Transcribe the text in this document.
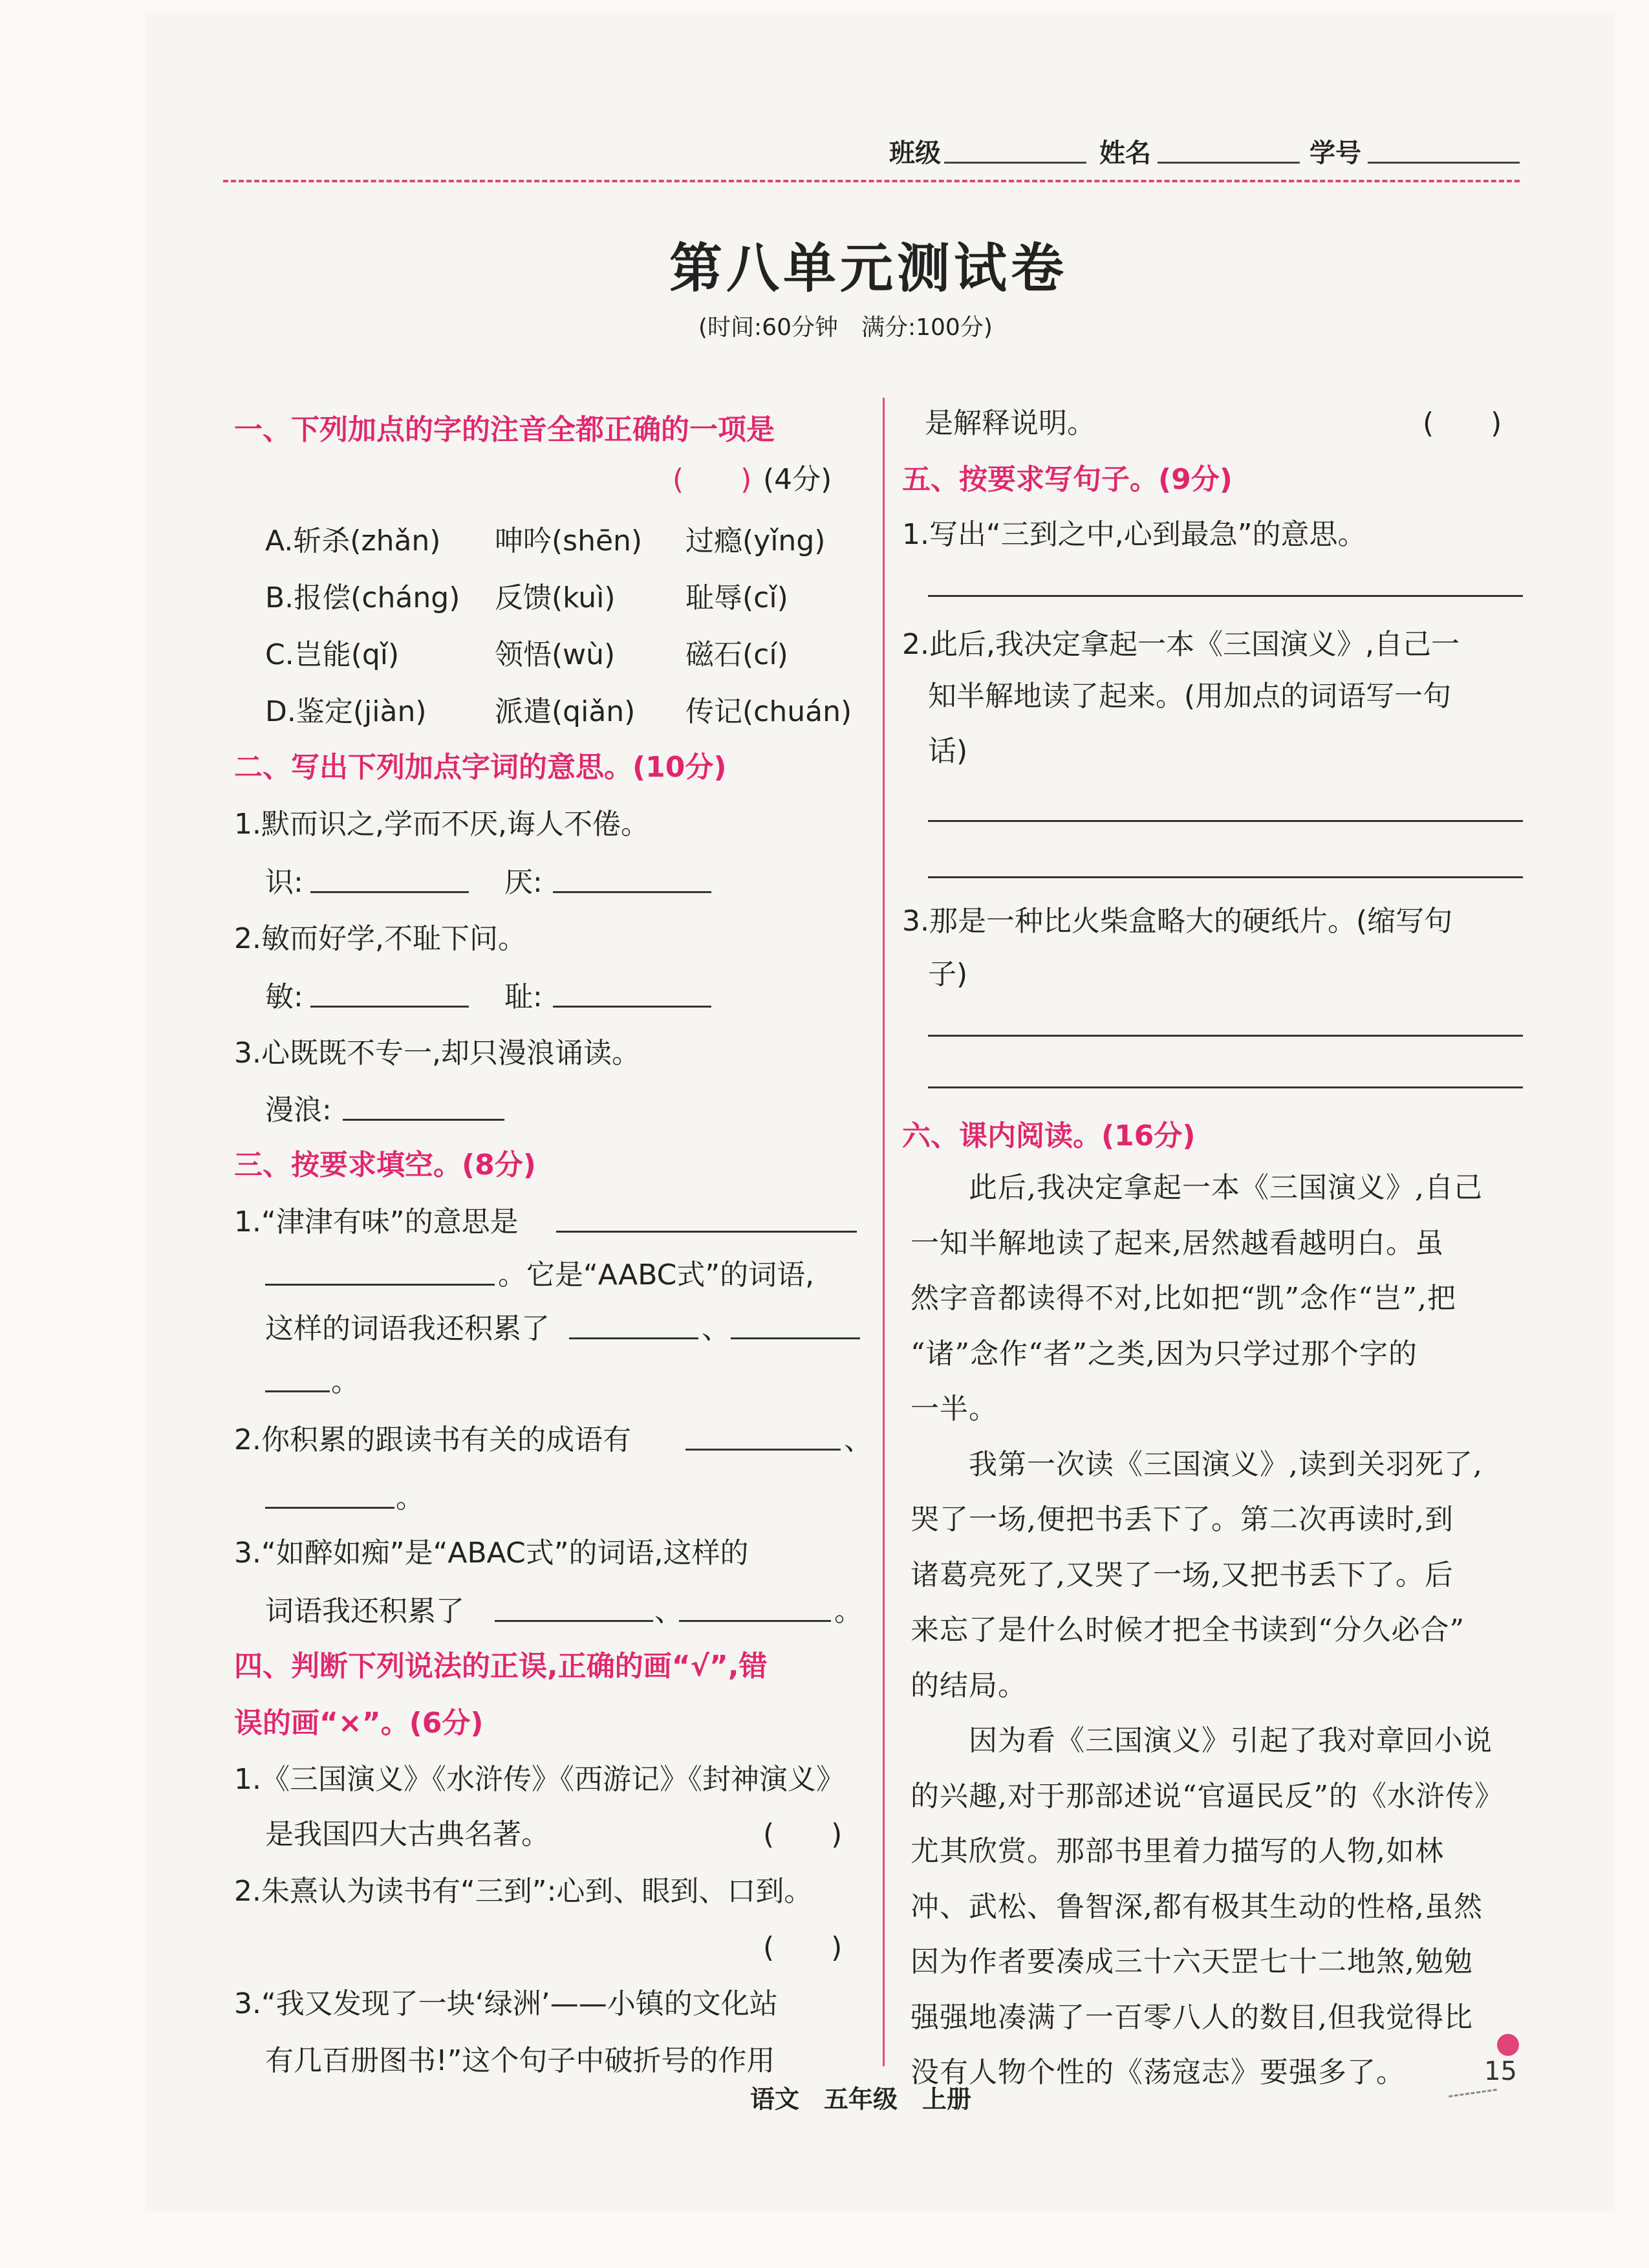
班级	姓名	学号
第八单元测试卷
(时间:60分钟　满分:100分)
一、下列加点的字的注音全都正确的一项是
(　　) (4分)
A.斩杀(zhǎn) 呻吟(shēn) 过瘾(yǐng)
B.报偿(cháng) 反馈(kuì) 耻辱(cǐ)
C.岂能(qǐ)	领悟(wù) 磁石(cí)
D.鉴定(jiàn) 派遣(qiǎn) 传记(chuán)
二、写出下列加点字词的意思。(10分)
1.默而识之,学而不厌,诲人不倦。
识:	厌:
2.敏而好学,不耻下问。
敏:	耻:
3.心既既不专一,却只漫浪诵读。
漫浪:
三、按要求填空。(8分)
1.“津津有味”的意思是
。它是“AABC式”的词语,
这样的词语我还积累了	、
。
2.你积累的跟读书有关的成语有	、
。
3.“如醉如痴”是“ABAC式”的词语,这样的
词语我还积累了	、	。
四、判断下列说法的正误,正确的画“√”,错
误的画“×”。(6分)
1.《三国演义》《水浒传》《西游记》《封神演义》
是我国四大古典名著。	(　　)
2.朱熹认为读书有“三到”:心到、眼到、口到。
(　　)
3.“我又发现了一块‘绿洲’——小镇的文化站
有几百册图书!”这个句子中破折号的作用
是解释说明。	(　　)
五、按要求写句子。(9分)
1.写出“三到之中,心到最急”的意思。
2.此后,我决定拿起一本《三国演义》,自己一
知半解地读了起来。(用加点的词语写一句
话)
3.那是一种比火柴盒略大的硬纸片。(缩写句
子)
六、课内阅读。(16分)
　　此后,我决定拿起一本《三国演义》,自己
一知半解地读了起来,居然越看越明白。虽
然字音都读得不对,比如把“凯”念作“岂”,把
“诸”念作“者”之类,因为只学过那个字的
一半。
　　我第一次读《三国演义》,读到关羽死了,
哭了一场,便把书丢下了。第二次再读时,到
诸葛亮死了,又哭了一场,又把书丢下了。后
来忘了是什么时候才把全书读到“分久必合”
的结局。
　　因为看《三国演义》引起了我对章回小说
的兴趣,对于那部述说“官逼民反”的《水浒传》
尤其欣赏。那部书里着力描写的人物,如林
冲、武松、鲁智深,都有极其生动的性格,虽然
因为作者要凑成三十六天罡七十二地煞,勉勉
强强地凑满了一百零八人的数目,但我觉得比
没有人物个性的《荡寇志》要强多了。
语文　五年级　上册
15
